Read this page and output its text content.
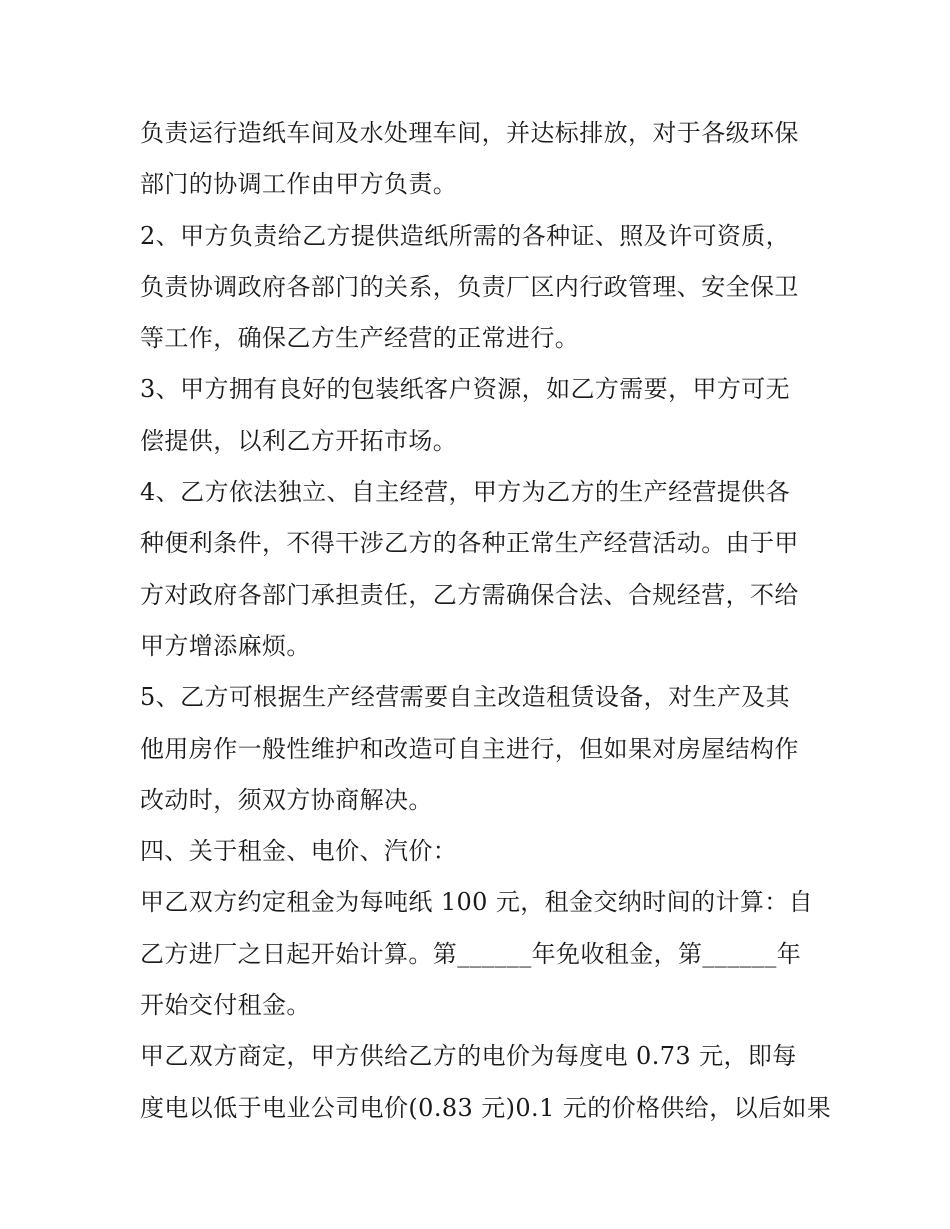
负责运行造纸车间及水处理车间，并达标排放，对于各级环保
部门的协调工作由甲方负责。
2、甲方负责给乙方提供造纸所需的各种证、照及许可资质，
负责协调政府各部门的关系，负责厂区内行政管理、安全保卫
等工作，确保乙方生产经营的正常进行。
3、甲方拥有良好的包装纸客户资源，如乙方需要，甲方可无
偿提供，以利乙方开拓市场。
4、乙方依法独立、自主经营，甲方为乙方的生产经营提供各
种便利条件，不得干涉乙方的各种正常生产经营活动。由于甲
方对政府各部门承担责任，乙方需确保合法、合规经营，不给
甲方增添麻烦。
5、乙方可根据生产经营需要自主改造租赁设备，对生产及其
他用房作一般性维护和改造可自主进行，但如果对房屋结构作
改动时，须双方协商解决。
四、关于租金、电价、汽价：
甲乙双方约定租金为每吨纸 100 元，租金交纳时间的计算：自
乙方进厂之日起开始计算。第______年免收租金，第______年
开始交付租金。
甲乙双方商定，甲方供给乙方的电价为每度电 0.73 元，即每
度电以低于电业公司电价(0.83 元)0.1 元的价格供给，以后如果
